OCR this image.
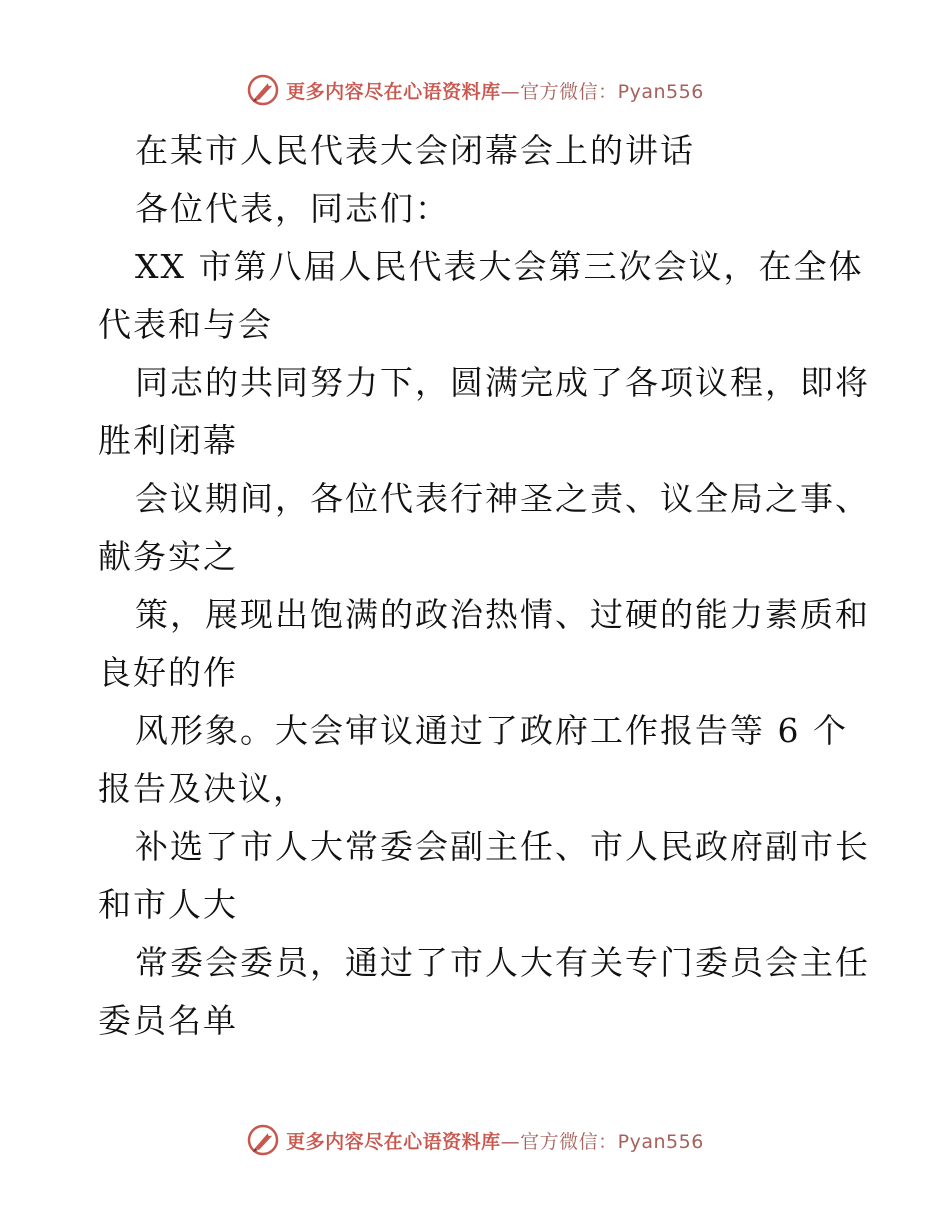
更多内容尽在心语资料库—官方微信：Pyan556
在某市人民代表大会闭幕会上的讲话
各位代表，同志们：
XX 市第八届人民代表大会第三次会议，在全体
代表和与会
同志的共同努力下，圆满完成了各项议程，即将
胜利闭幕
会议期间，各位代表行神圣之责、议全局之事、
献务实之
策，展现出饱满的政治热情、过硬的能力素质和
良好的作
风形象。大会审议通过了政府工作报告等 6 个
报告及决议，
补选了市人大常委会副主任、市人民政府副市长
和市人大
常委会委员，通过了市人大有关专门委员会主任
委员名单
更多内容尽在心语资料库—官方微信：Pyan556
